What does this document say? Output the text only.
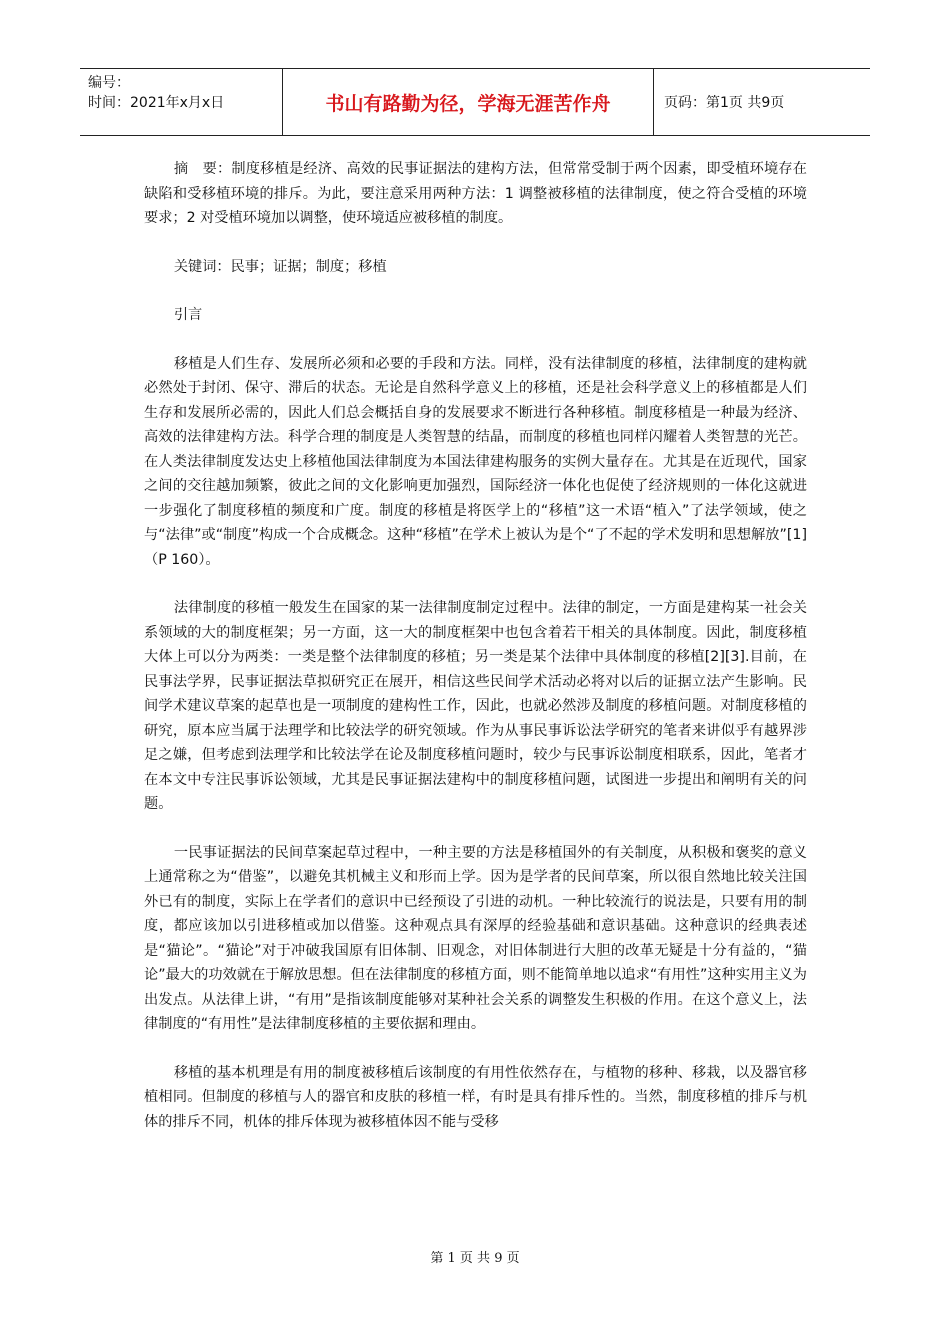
编号：
时间：2021年x月x日	书山有路勤为径，学海无涯苦作舟	页码：第1页 共9页

摘　要：制度移植是经济、高效的民事证据法的建构方法，但常常受制于两个因素，即受植环境存在缺陷和受移植环境的排斥。为此，要注意采用两种方法：1 调整被移植的法律制度，使之符合受植的环境要求；2 对受植环境加以调整，使环境适应被移植的制度。

关键词：民事；证据；制度；移植

引言

移植是人们生存、发展所必须和必要的手段和方法。同样，没有法律制度的移植，法律制度的建构就必然处于封闭、保守、滞后的状态。无论是自然科学意义上的移植，还是社会科学意义上的移植都是人们生存和发展所必需的，因此人们总会概括自身的发展要求不断进行各种移植。制度移植是一种最为经济、高效的法律建构方法。科学合理的制度是人类智慧的结晶，而制度的移植也同样闪耀着人类智慧的光芒。在人类法律制度发达史上移植他国法律制度为本国法律建构服务的实例大量存在。尤其是在近现代，国家之间的交往越加频繁，彼此之间的文化影响更加强烈，国际经济一体化也促使了经济规则的一体化这就进一步强化了制度移植的频度和广度。制度的移植是将医学上的“移植”这一术语“植入”了法学领域，使之与“法律”或“制度”构成一个合成概念。这种“移植”在学术上被认为是个“了不起的学术发明和思想解放”[1]（P 160）。

法律制度的移植一般发生在国家的某一法律制度制定过程中。法律的制定，一方面是建构某一社会关系领域的大的制度框架；另一方面，这一大的制度框架中也包含着若干相关的具体制度。因此，制度移植大体上可以分为两类：一类是整个法律制度的移植；另一类是某个法律中具体制度的移植[2][3].目前，在民事法学界，民事证据法草拟研究正在展开，相信这些民间学术活动必将对以后的证据立法产生影响。民间学术建议草案的起草也是一项制度的建构性工作，因此，也就必然涉及制度的移植问题。对制度移植的研究，原本应当属于法理学和比较法学的研究领域。作为从事民事诉讼法学研究的笔者来讲似乎有越界涉足之嫌，但考虑到法理学和比较法学在论及制度移植问题时，较少与民事诉讼制度相联系，因此，笔者才在本文中专注民事诉讼领域，尤其是民事证据法建构中的制度移植问题，试图进一步提出和阐明有关的问题。

一民事证据法的民间草案起草过程中，一种主要的方法是移植国外的有关制度，从积极和褒奖的意义上通常称之为“借鉴”，以避免其机械主义和形而上学。因为是学者的民间草案，所以很自然地比较关注国外已有的制度，实际上在学者们的意识中已经预设了引进的动机。一种比较流行的说法是，只要有用的制度，都应该加以引进移植或加以借鉴。这种观点具有深厚的经验基础和意识基础。这种意识的经典表述是“猫论”。“猫论”对于冲破我国原有旧体制、旧观念，对旧体制进行大胆的改革无疑是十分有益的，“猫论”最大的功效就在于解放思想。但在法律制度的移植方面，则不能简单地以追求“有用性”这种实用主义为出发点。从法律上讲，“有用”是指该制度能够对某种社会关系的调整发生积极的作用。在这个意义上，法律制度的“有用性”是法律制度移植的主要依据和理由。

移植的基本机理是有用的制度被移植后该制度的有用性依然存在，与植物的移种、移栽，以及器官移植相同。但制度的移植与人的器官和皮肤的移植一样，有时是具有排斥性的。当然，制度移植的排斥与机体的排斥不同，机体的排斥体现为被移植体因不能与受移

第 1 页 共 9 页
